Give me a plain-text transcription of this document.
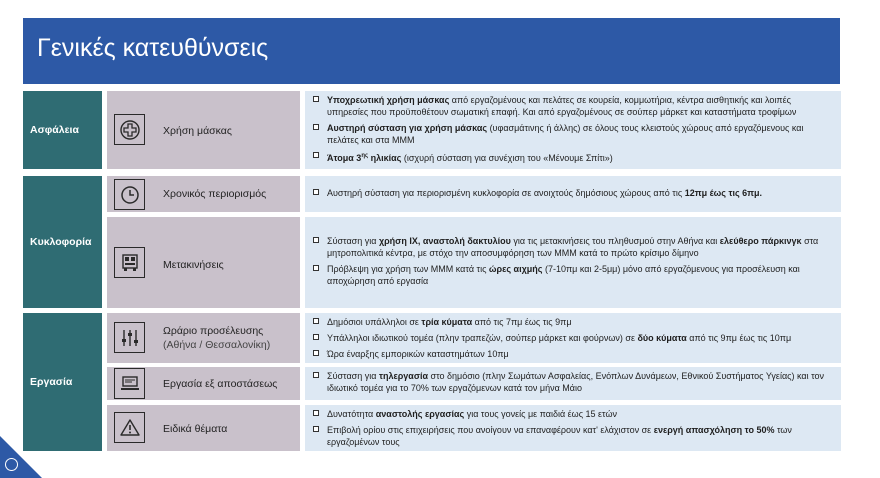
Γενικές κατευθύνσεις
Ασφάλεια
Κυκλοφορία
Εργασία
Χρήση μάσκας
Χρονικός περιορισμός
Μετακινήσεις
Ωράριο προσέλευσης
(Αθήνα / Θεσσαλονίκη)
Εργασία εξ αποστάσεως
Ειδικά θέματα
Υποχρεωτική χρήση μάσκας από εργαζομένους και πελάτες σε κουρεία, κομμωτήρια, κέντρα αισθητικής και λοιπές υπηρεσίες που προϋποθέτουν σωματική επαφή. Και από εργαζομένους σε σούπερ μάρκετ και καταστήματα τροφίμων
Αυστηρή σύσταση για χρήση μάσκας (υφασμάτινης ή άλλης) σε όλους τους κλειστούς χώρους από εργαζόμενους και πελάτες και στα ΜΜΜ
Άτομα $3^{\eta\varsigma}$ ηλικίας (ισχυρή σύσταση για συνέχιση του «Μένουμε Σπίτι»)
Αυστηρή σύσταση για περιορισμένη κυκλοφορία σε ανοιχτούς δημόσιους χώρους από τις 12πμ έως τις 6πμ.
Σύσταση για χρήση ΙΧ, αναστολή δακτυλίου για τις μετακινήσεις του πληθυσμού στην Αθήνα και ελεύθερο πάρκινγκ στα μητροπολιτικά κέντρα, με στόχο την αποσυμφόρηση των ΜΜΜ κατά το πρώτο κρίσιμο δίμηνο
Πρόβλεψη για χρήση των ΜΜΜ κατά τις ώρες αιχμής (7-10πμ και 2-5μμ) μόνο από εργαζόμενους για προσέλευση και αποχώρηση από εργασία
Δημόσιοι υπάλληλοι σε τρία κύματα από τις 7πμ έως τις 9πμ
Υπάλληλοι ιδιωτικού τομέα (πλην τραπεζών, σούπερ μάρκετ και φούρνων) σε δύο κύματα από τις 9πμ έως τις 10πμ
Ώρα έναρξης εμπορικών καταστημάτων 10πμ
Σύσταση για τηλεργασία στο δημόσιο (πλην Σωμάτων Ασφαλείας, Ενόπλων Δυνάμεων, Εθνικού Συστήματος Υγείας) και τον ιδιωτικό τομέα για το 70% των εργαζόμενων κατά τον μήνα Μάιο
Δυνατότητα αναστολής εργασίας για τους γονείς με παιδιά έως 15 ετών
Επιβολή ορίου στις επιχειρήσεις που ανοίγουν να επαναφέρουν κατ' ελάχιστον σε ενεργή απασχόληση το 50% των εργαζομένων τους
